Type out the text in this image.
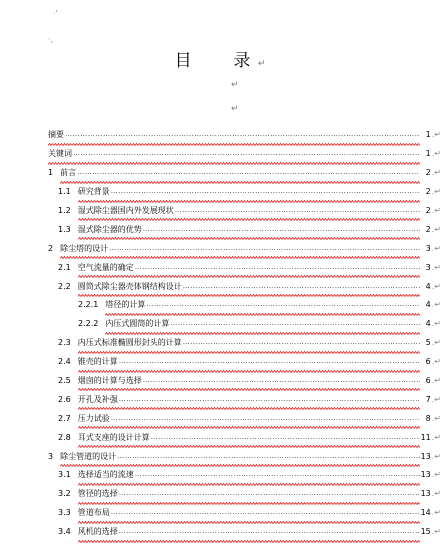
·'
·,
目 录 ↵
↵
↵
摘要 ……………………………………………………………………………………………………………………………………	1 .↵
关键词 ……………………………………………………………………………………………………………………………………	1 .↵
1 前言 ……………………………………………………………………………………………………………………………………	2 .↵
1.1 研究背景 ……………………………………………………………………………………………………………………………………	2 .↵
1.2 湿式除尘器国内外发展现状 ……………………………………………………………………………………………………………………………………	2 .↵
1.3 湿式除尘器的优势 ……………………………………………………………………………………………………………………………………	2 .↵
2 除尘塔的设计 ……………………………………………………………………………………………………………………………………	3 .↵
2.1 空气流量的确定 ……………………………………………………………………………………………………………………………………	3 .↵
2.2 圆筒式除尘器壳体钢结构设计 ……………………………………………………………………………………………………………………………………	4 .↵
2.2.1 塔径的计算 ……………………………………………………………………………………………………………………………………	4 .↵
2.2.2 内压式圆筒的计算 ……………………………………………………………………………………………………………………………………	4 .↵
2.3 内压式标准椭圆形封头的计算 ……………………………………………………………………………………………………………………………………	5 .↵
2.4 锥壳的计算 ……………………………………………………………………………………………………………………………………	6 .↵
2.5 烟囱的计算与选择 ……………………………………………………………………………………………………………………………………	6 .↵
2.6 开孔及补强 ……………………………………………………………………………………………………………………………………	7 .↵
2.7 压力试验 ……………………………………………………………………………………………………………………………………	8 .↵
2.8 耳式支座的设计计算 ……………………………………………………………………………………………………………………………………	11 .↵
3 除尘管道的设计 ……………………………………………………………………………………………………………………………………	13 .↵
3.1 选择适当的流速 ……………………………………………………………………………………………………………………………………	13 .↵
3.2 管径的选择 ……………………………………………………………………………………………………………………………………	13 .↵
3.3 管道布局 ……………………………………………………………………………………………………………………………………	14 .↵
3.4 风机的选择 ……………………………………………………………………………………………………………………………………	15 .↵
